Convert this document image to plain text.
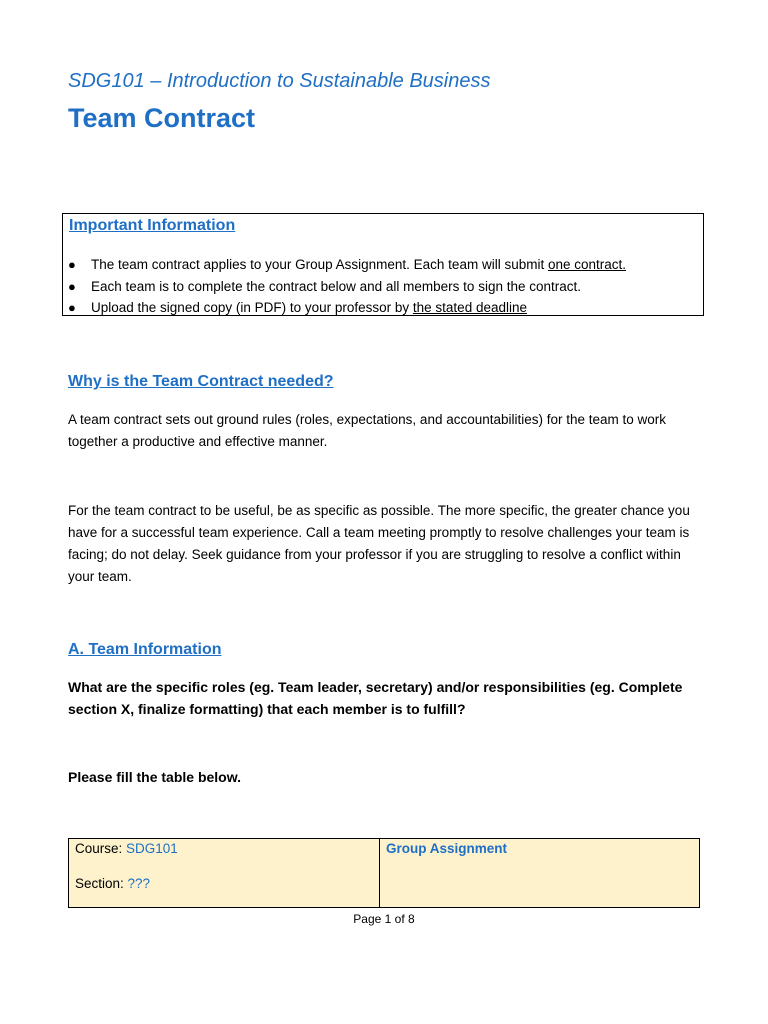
SDG101 – Introduction to Sustainable Business
Team Contract
Important Information
● The team contract applies to your Group Assignment. Each team will submit one contract.
● Each team is to complete the contract below and all members to sign the contract.
● Upload the signed copy (in PDF) to your professor by the stated deadline
Why is the Team Contract needed?

A team contract sets out ground rules (roles, expectations, and accountabilities) for the team to work together a productive and effective manner.

For the team contract to be useful, be as specific as possible. The more specific, the greater chance you have for a successful team experience. Call a team meeting promptly to resolve challenges your team is facing; do not delay. Seek guidance from your professor if you are struggling to resolve a conflict within your team.

A. Team Information

What are the specific roles (eg. Team leader, secretary) and/or responsibilities (eg. Complete section X, finalize formatting) that each member is to fulfill?

Please fill the table below.

Course: SDG101
Section: ???
Group Assignment
Page 1 of 8
